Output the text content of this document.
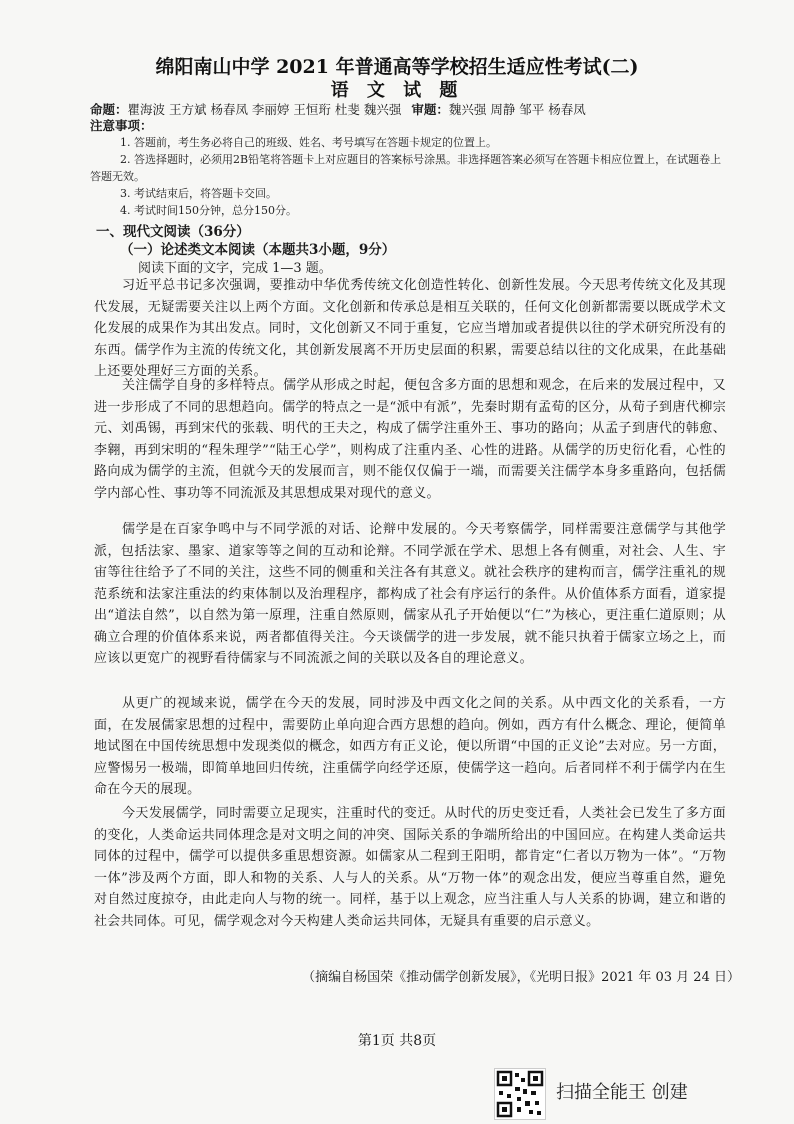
绵阳南山中学 2021 年普通高等学校招生适应性考试(二)
语 文 试 题
命题：瞿海波 王方斌 杨春凤 李丽婷 王恒珩 杜斐 魏兴强 审题：魏兴强 周静 邹平 杨春凤
注意事项：
1. 答题前，考生务必将自己的班级、姓名、考号填写在答题卡规定的位置上。
2. 答选择题时，必须用2B铅笔将答题卡上对应题目的答案标号涂黑。非选择题答案必须写在答题卡相应位置上，在试题卷上答题无效。
3. 考试结束后，将答题卡交回。
4. 考试时间150分钟，总分150分。
一、现代文阅读（36分）
（一）论述类文本阅读（本题共3小题，9分）
阅读下面的文字，完成 1—3 题。
习近平总书记多次强调，要推动中华优秀传统文化创造性转化、创新性发展。今天思考传统文化及其现代发展，无疑需要关注以上两个方面。文化创新和传承总是相互关联的，任何文化创新都需要以既成学术文化发展的成果作为其出发点。同时，文化创新又不同于重复，它应当增加或者提供以往的学术研究所没有的东西。儒学作为主流的传统文化，其创新发展离不开历史层面的积累，需要总结以往的文化成果，在此基础上还要处理好三方面的关系。
关注儒学自身的多样特点。儒学从形成之时起，便包含多方面的思想和观念，在后来的发展过程中，又进一步形成了不同的思想趋向。儒学的特点之一是“派中有派”，先秦时期有孟荀的区分，从荀子到唐代柳宗元、刘禹锡，再到宋代的张载、明代的王夫之，构成了儒学注重外王、事功的路向；从孟子到唐代的韩愈、李翱，再到宋明的“程朱理学”“陆王心学”，则构成了注重内圣、心性的进路。从儒学的历史衍化看，心性的路向成为儒学的主流，但就今天的发展而言，则不能仅仅偏于一端，而需要关注儒学本身多重路向，包括儒学内部心性、事功等不同流派及其思想成果对现代的意义。
儒学是在百家争鸣中与不同学派的对话、论辩中发展的。今天考察儒学，同样需要注意儒学与其他学派，包括法家、墨家、道家等等之间的互动和论辩。不同学派在学术、思想上各有侧重，对社会、人生、宇宙等往往给予了不同的关注，这些不同的侧重和关注各有其意义。就社会秩序的建构而言，儒学注重礼的规范系统和法家注重法的约束体制以及治理程序，都构成了社会有序运行的条件。从价值体系方面看，道家提出“道法自然”，以自然为第一原理，注重自然原则，儒家从孔子开始便以“仁”为核心，更注重仁道原则；从确立合理的价值体系来说，两者都值得关注。今天谈儒学的进一步发展，就不能只执着于儒家立场之上，而应该以更宽广的视野看待儒家与不同流派之间的关联以及各自的理论意义。
从更广的视域来说，儒学在今天的发展，同时涉及中西文化之间的关系。从中西文化的关系看，一方面，在发展儒家思想的过程中，需要防止单向迎合西方思想的趋向。例如，西方有什么概念、理论，便简单地试图在中国传统思想中发现类似的概念，如西方有正义论，便以所谓“中国的正义论”去对应。另一方面，应警惕另一极端，即简单地回归传统，注重儒学向经学还原，使儒学这一趋向。后者同样不利于儒学内在生命在今天的展现。
今天发展儒学，同时需要立足现实，注重时代的变迁。从时代的历史变迁看，人类社会已发生了多方面的变化，人类命运共同体理念是对文明之间的冲突、国际关系的争端所给出的中国回应。在构建人类命运共同体的过程中，儒学可以提供多重思想资源。如儒家从二程到王阳明，都肯定“仁者以万物为一体”。“万物一体”涉及两个方面，即人和物的关系、人与人的关系。从“万物一体”的观念出发，便应当尊重自然，避免对自然过度掠夺，由此走向人与物的统一。同样，基于以上观念，应当注重人与人关系的协调，建立和谐的社会共同体。可见，儒学观念对今天构建人类命运共同体，无疑具有重要的启示意义。
（摘编自杨国荣《推动儒学创新发展》，《光明日报》2021 年 03 月 24 日）
第1页 共8页
扫描全能王 创建
